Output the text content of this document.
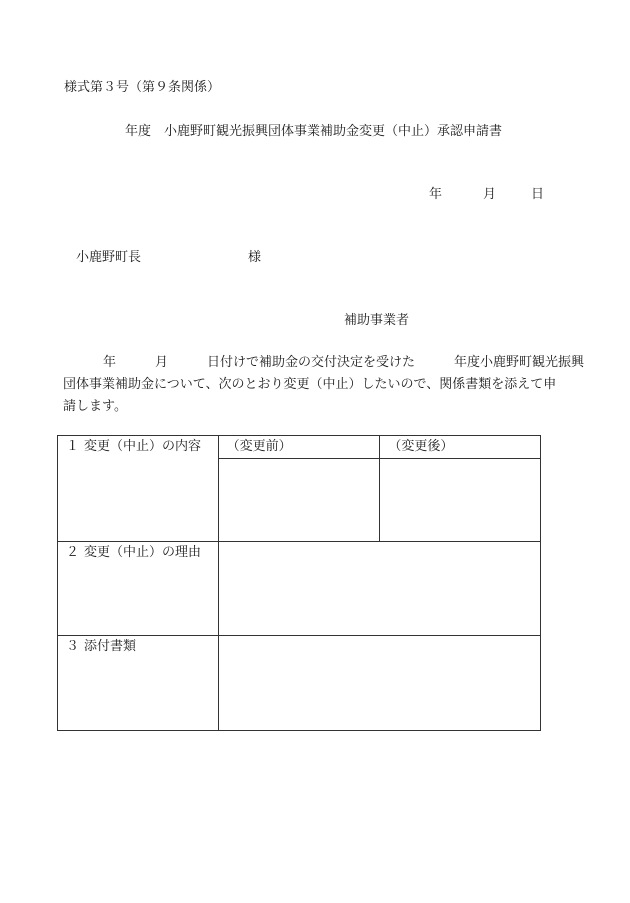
様式第３号（第９条関係）
年度　小鹿野町観光振興団体事業補助金変更（中止）承認申請書
年	月	日
小鹿野町長	様
補助事業者
年　　　月　　　日付けで補助金の交付決定を受けた　　　年度小鹿野町観光振興
団体事業補助金について、次のとおり変更（中止）したいので、関係書類を添えて申
請します。
１ 変更（中止）の内容	（変更前）	（変更後）

２ 変更（中止）の理由		
３ 添付書類		
